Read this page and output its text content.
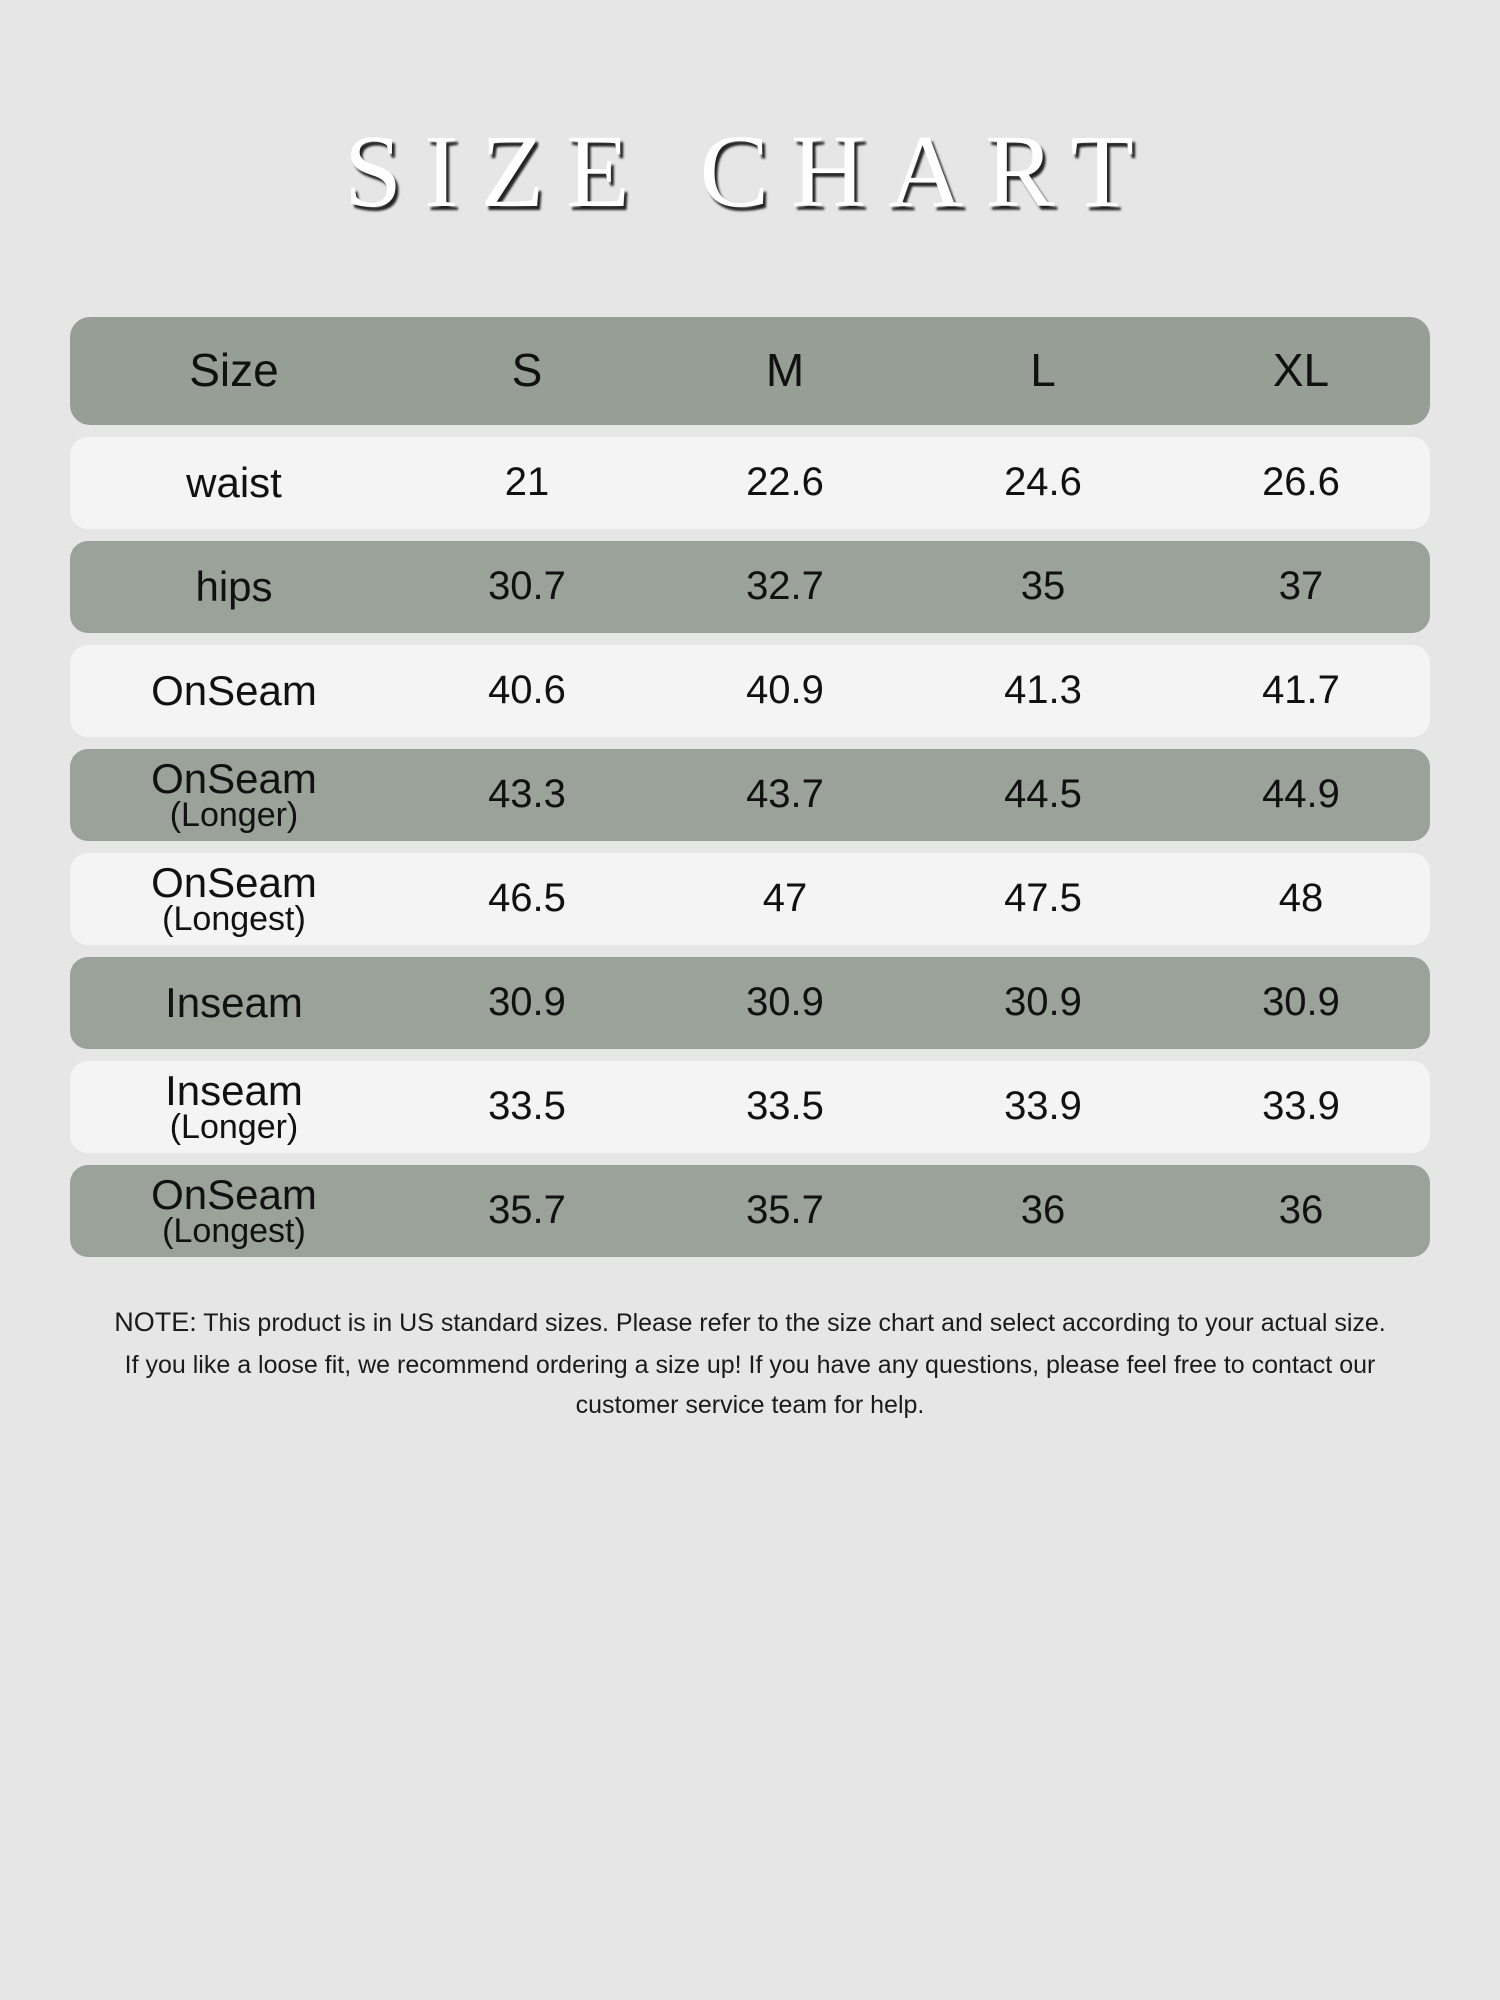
SIZE CHART
Size	S	M	L	XL
waist	21	22.6	24.6	26.6
hips	30.7	32.7	35	37
OnSeam	40.6	40.9	41.3	41.7
OnSeam
(Longer)	43.3	43.7	44.5	44.9
OnSeam
(Longest)	46.5	47	47.5	48
Inseam	30.9	30.9	30.9	30.9
Inseam
(Longer)	33.5	33.5	33.9	33.9
OnSeam
(Longest)	35.7	35.7	36	36
NOTE: This product is in US standard sizes. Please refer to the size chart and select according to your actual size. If you like a loose fit, we recommend ordering a size up! If you have any questions, please feel free to contact our customer service team for help.
